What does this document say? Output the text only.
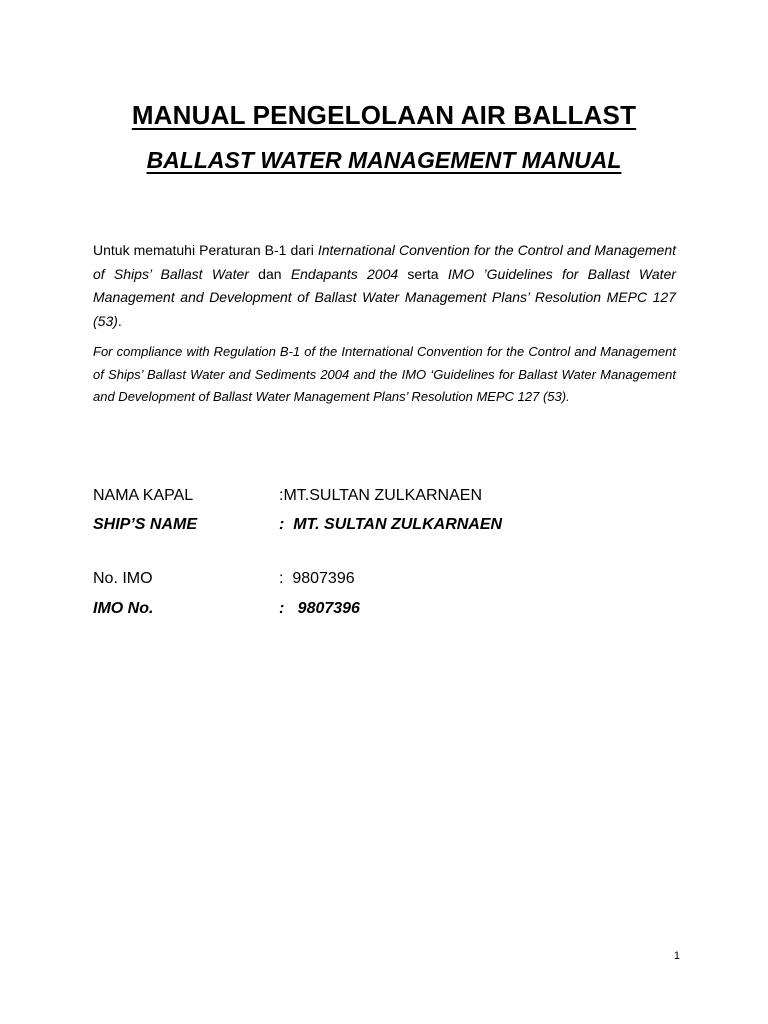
MANUAL PENGELOLAAN AIR BALLAST
BALLAST WATER MANAGEMENT MANUAL
Untuk mematuhi Peraturan B-1 dari International Convention for the Control and Management of Ships’ Ballast Water dan Endapants 2004 serta IMO ’Guidelines for Ballast Water Management and Development of Ballast Water Management Plans’ Resolution MEPC 127 (53).
For compliance with Regulation B-1 of the International Convention for the Control and Management of Ships’ Ballast Water and Sediments 2004 and the IMO ‘Guidelines for Ballast Water Management and Development of Ballast Water Management Plans’ Resolution MEPC 127 (53).

NAMA KAPAL

	:MT.SULTAN ZULKARNAEN

SHIP’S NAME

	:  MT. SULTAN ZULKARNAEN

No. IMO

	:  9807396

IMO No.

	:   9807396

1
